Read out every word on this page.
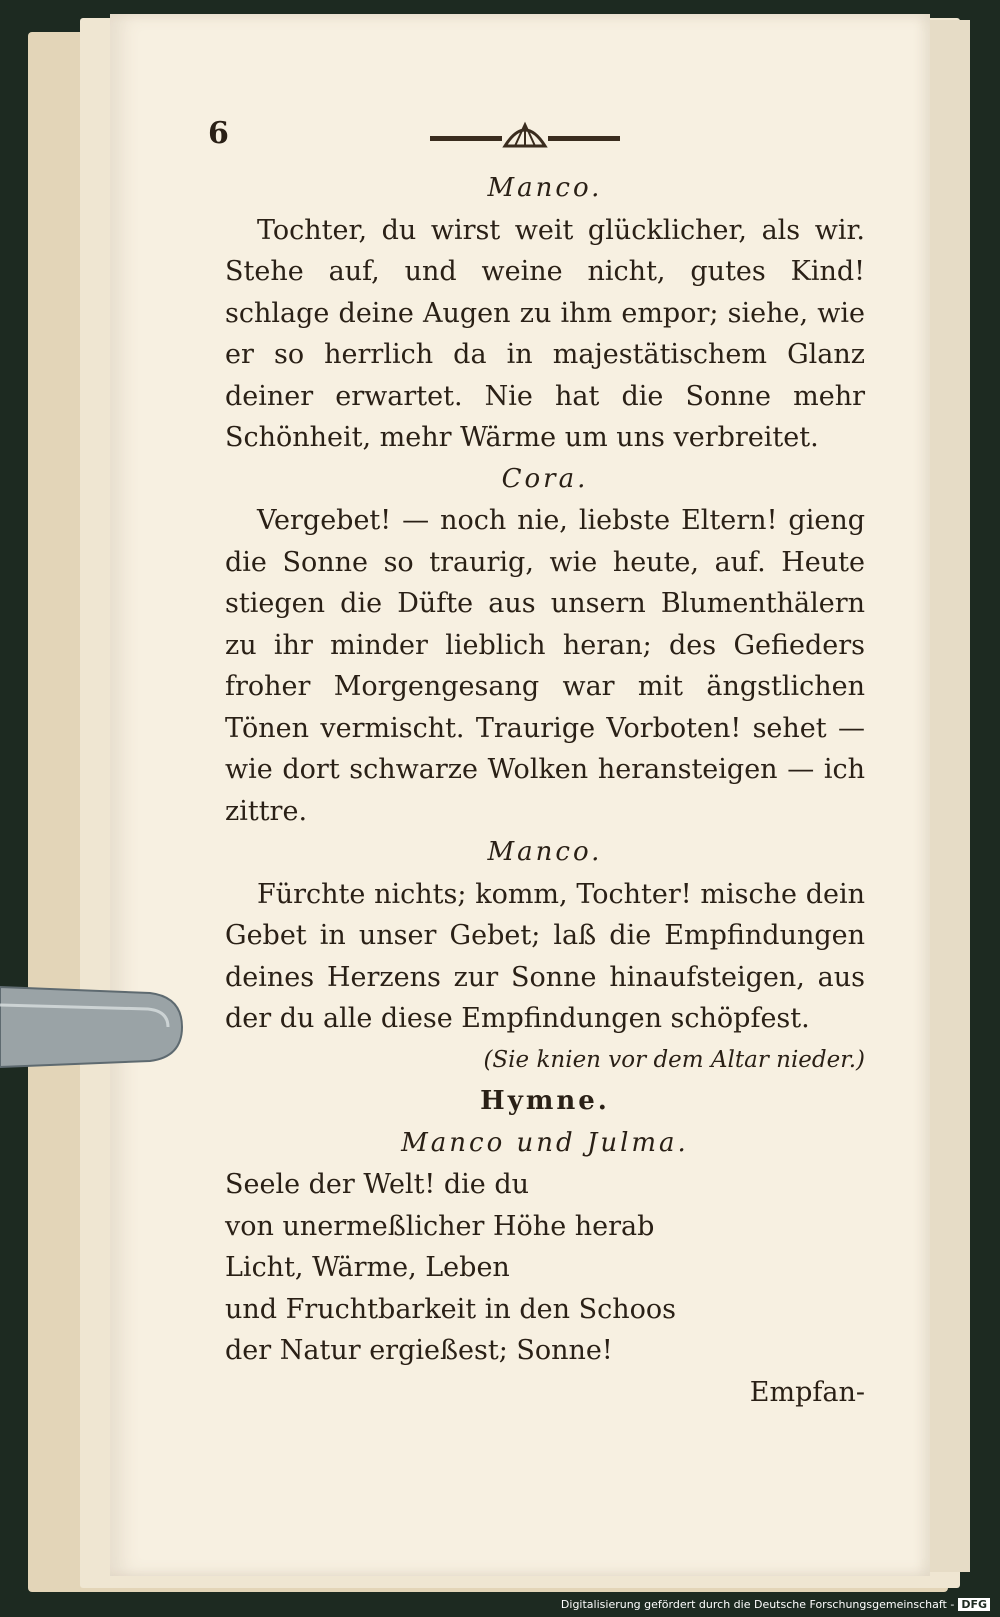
6
Manco.

Tochter, du wirst weit glücklicher, als wir. Stehe auf, und weine nicht, gutes Kind! schlage deine Augen zu ihm empor; siehe, wie er so herrlich da in majestätischem Glanz deiner erwartet. Nie hat die Sonne mehr Schönheit, mehr Wärme um uns verbreitet.

Cora.

Vergebet! — noch nie, liebste Eltern! gieng die Sonne so traurig, wie heute, auf. Heute stiegen die Düfte aus unsern Blumenthälern zu ihr minder lieblich heran; des Gefieders froher Morgengesang war mit ängstlichen Tönen vermischt. Traurige Vorboten! sehet — wie dort schwarze Wolken heransteigen — ich zittre.

Manco.

Fürchte nichts; komm, Tochter! mische dein Gebet in unser Gebet; laß die Empfindungen deines Herzens zur Sonne hinaufsteigen, aus der du alle diese Empfindungen schöpfest.

(Sie knien vor dem Altar nieder.)
Hymne.
Manco und Julma.
Seele der Welt! die du
von unermeßlicher Höhe herab
Licht, Wärme, Leben
und Fruchtbarkeit in den Schoos
der Natur ergießest; Sonne!
Empfan-
Digitalisierung gefördert durch die Deutsche Forschungsgemeinschaft - DFG
